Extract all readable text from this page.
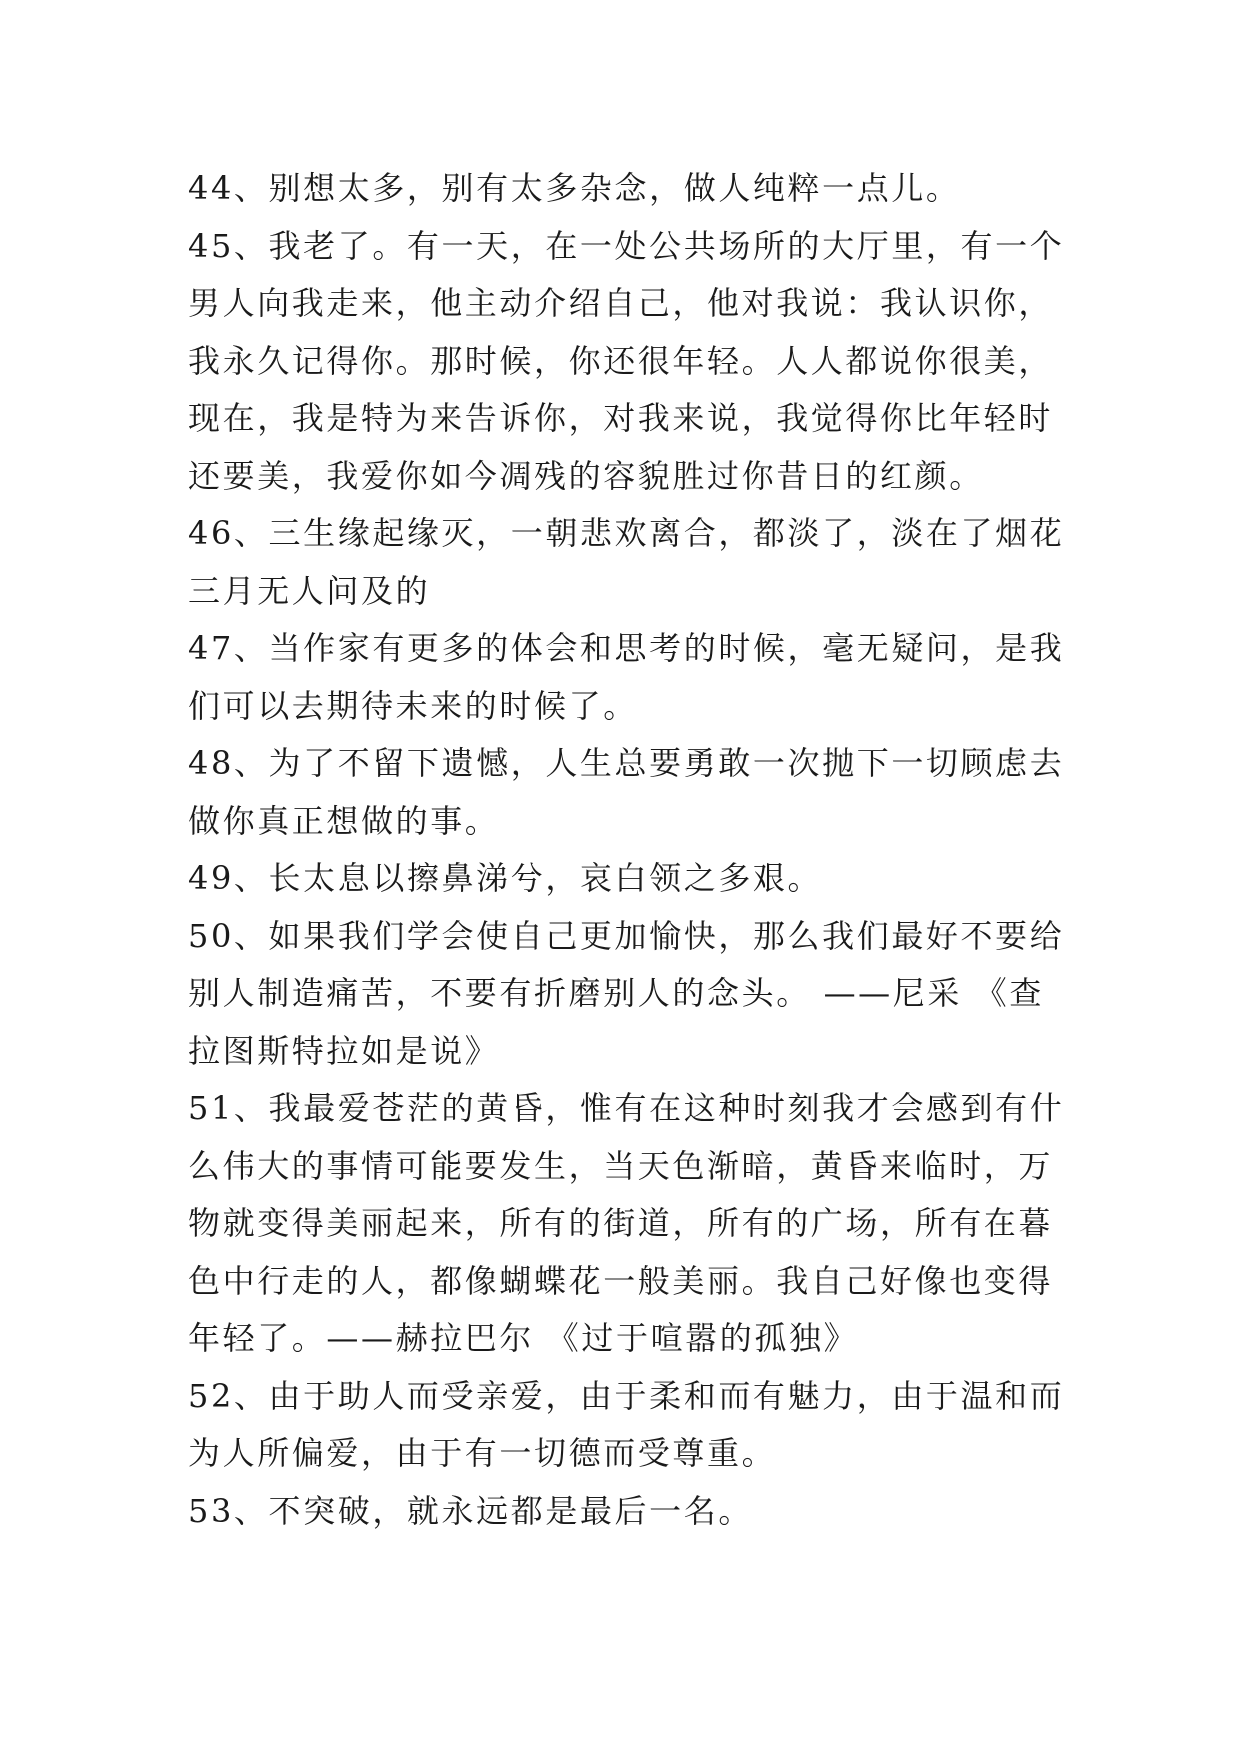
44、别想太多，别有太多杂念，做人纯粹一点儿。

45、我老了。有一天，在一处公共场所的大厅里，有一个男人向我走来，他主动介绍自己，他对我说：我认识你，我永久记得你。那时候，你还很年轻。人人都说你很美，现在，我是特为来告诉你，对我来说，我觉得你比年轻时还要美，我爱你如今凋残的容貌胜过你昔日的红颜。

46、三生缘起缘灭，一朝悲欢离合，都淡了，淡在了烟花三月无人问及的

47、当作家有更多的体会和思考的时候，毫无疑问，是我们可以去期待未来的时候了。

48、为了不留下遗憾，人生总要勇敢一次抛下一切顾虑去做你真正想做的事。

49、长太息以擦鼻涕兮，哀白领之多艰。

50、如果我们学会使自己更加愉快，那么我们最好不要给别人制造痛苦，不要有折磨别人的念头。 ——尼采 《查拉图斯特拉如是说》

51、我最爱苍茫的黄昏，惟有在这种时刻我才会感到有什么伟大的事情可能要发生，当天色渐暗，黄昏来临时，万物就变得美丽起来，所有的街道，所有的广场，所有在暮色中行走的人，都像蝴蝶花一般美丽。我自己好像也变得年轻了。——赫拉巴尔 《过于喧嚣的孤独》

52、由于助人而受亲爱，由于柔和而有魅力，由于温和而为人所偏爱，由于有一切德而受尊重。

53、不突破，就永远都是最后一名。
